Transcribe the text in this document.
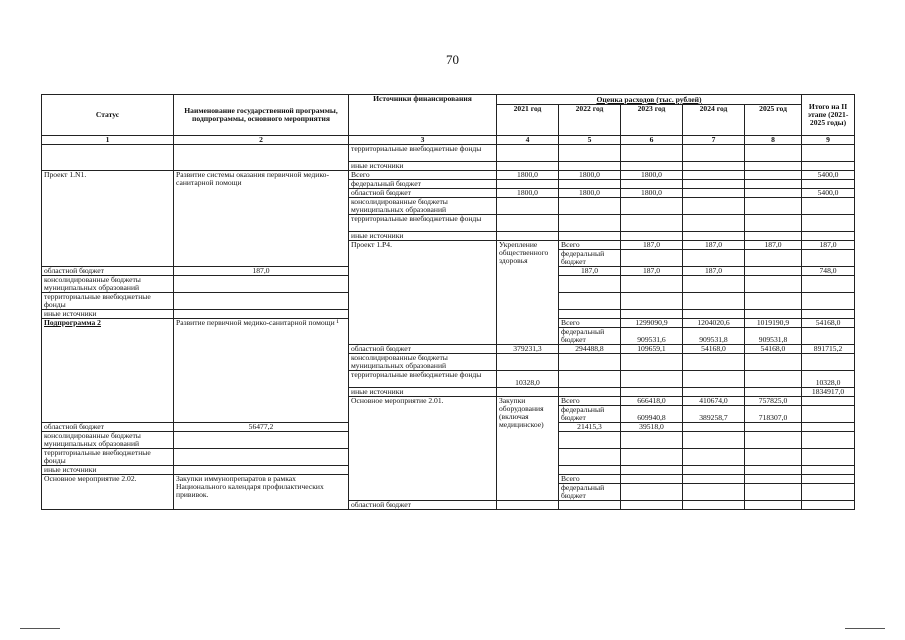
70
Статус	Наименование государственной программы, подпрограммы, основного мероприятия	Источники финансирования	Оценка расходов (тыс. рублей)					Итого на II этапе (2021-2025 годы)	
			2021 год	2022 год	2023 год	2024 год	2025 год		
1	2	3	4	5	6	7	8	9	
		территориальные внебюджетные фонды							
		иные источники							
Проект 1.N1.	Развитие системы оказания первичной медико-санитарной помощи	Всего	1800,0	1800,0	1800,0			5400,0	
		федеральный бюджет							
		областной бюджет	1800,0	1800,0	1800,0			5400,0	
		консолидированные бюджеты муниципальных образований							
		территориальные внебюджетные фонды							
		иные источники							
		Проект 1.Р4.	Укрепление общественного здоровья	Всего	187,0	187,0	187,0	187,0		
				федеральный бюджет						
областной бюджет	187,0			187,0	187,0	187,0		748,0	
консолидированные бюджеты муниципальных образований									
территориальные внебюджетные фонды									
иные источники									
Подпрограмма 2	Развитие первичной медико-санитарной помощи ¹			Всего	1299090,9	1204020,6	1019190,9	54168,0		
				федеральный бюджет	909531,6	909531,8	909531,8			
		областной бюджет	379231,3	294488,8	109659,1	54168,0	54168,0	891715,2	
		консолидированные бюджеты муниципальных образований							
		территориальные внебюджетные фонды	10328,0					10328,0	
		иные источники						1834917,0	
		Основное мероприятие 2.01.	Закупки оборудования (включая медицинское)	Всего	666418,0	410674,0	757825,0			
				федеральный бюджет	609940,8	389258,7	718307,0			
областной бюджет	56477,2			21415,3	39518,0				
консолидированные бюджеты муниципальных образований									
территориальные внебюджетные фонды									
иные источники									
Основное мероприятие 2.02.	Закупки иммунопрепаратов в рамках Национального календаря профилактических прививок.			Всего						
				федеральный бюджет						
		областной бюджет							
